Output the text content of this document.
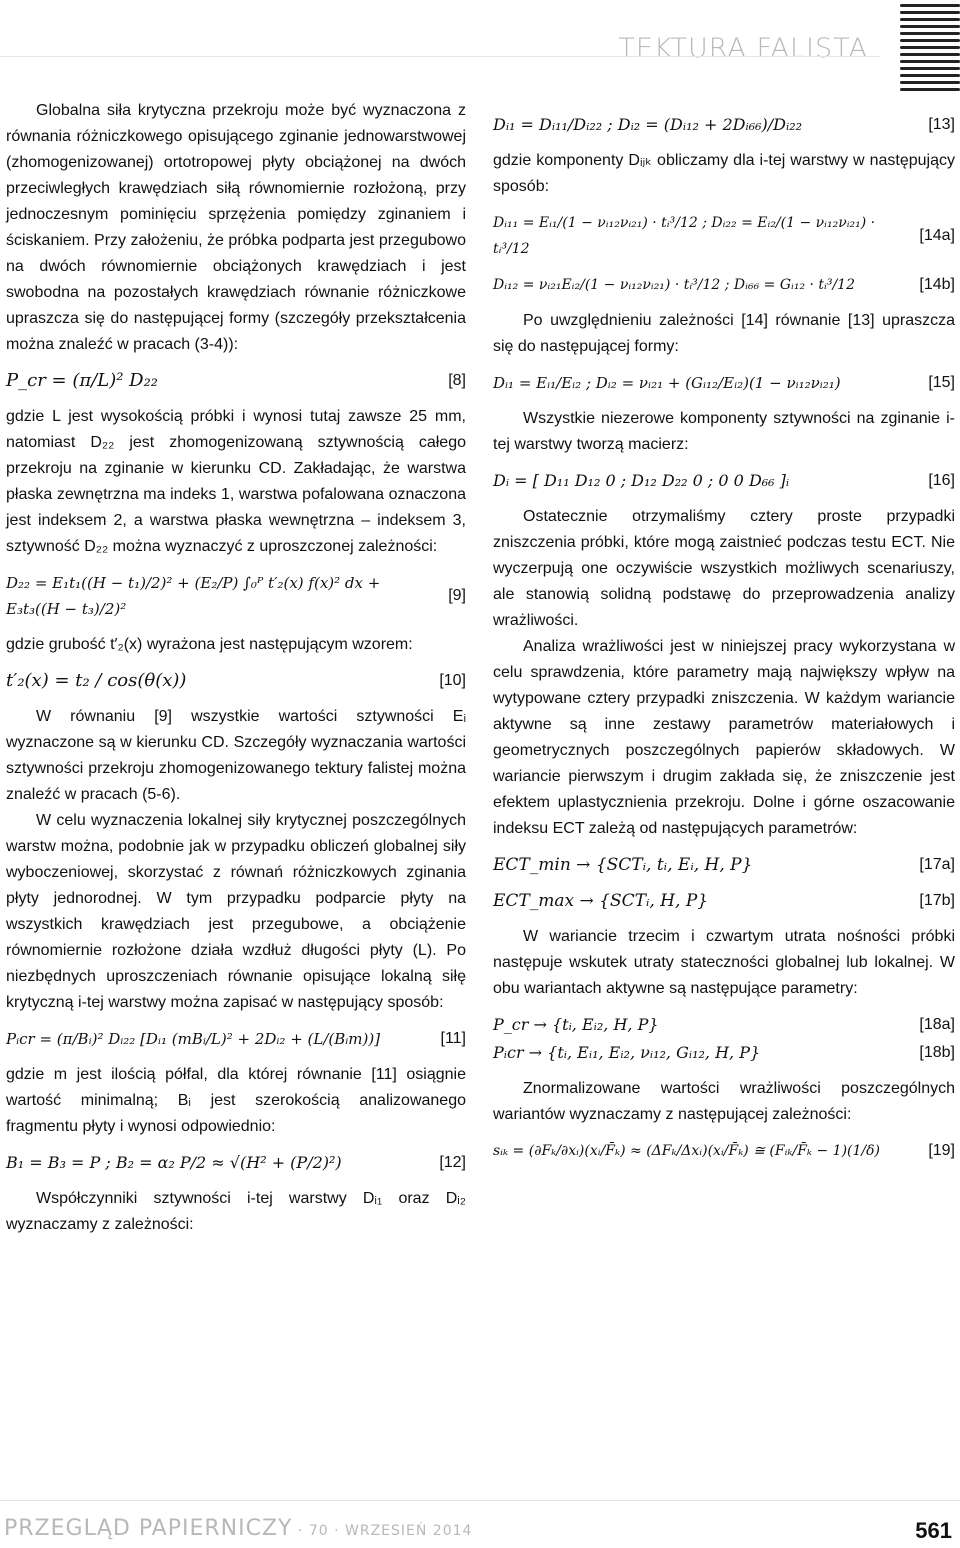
TEKTURA FALISTA

Globalna siła krytyczna przekroju może być wyznaczona z równania różniczkowego opisującego zginanie jednowarstwowej (zhomogenizowanej) ortotropowej płyty obciążonej na dwóch przeciwległych krawędziach siłą równomiernie rozłożoną, przy jednoczesnym pominięciu sprzężenia pomiędzy zginaniem i ściskaniem. Przy założeniu, że próbka podparta jest przegubowo na dwóch równomiernie obciążonych krawędziach i jest swobodna na pozostałych krawędziach równanie różniczkowe upraszcza się do następującej formy (szczegóły przekształcenia można znaleźć w pracach (3-4)):

P_cr = (π/L)² D₂₂	[8]

gdzie L jest wysokością próbki i wynosi tutaj zawsze 25 mm, natomiast D₂₂ jest zhomogenizowaną sztywnością całego przekroju na zginanie w kierunku CD. Zakładając, że warstwa płaska zewnętrzna ma indeks 1, warstwa pofalowana oznaczona jest indeksem 2, a warstwa płaska wewnętrzna – indeksem 3, sztywność D₂₂ można wyznaczyć z uproszczonej zależności:

D₂₂ = E₁t₁((H − t₁)/2)² + (E₂/P) ∫₀ᴾ t′₂(x) f(x)² dx + E₃t₃((H − t₃)/2)²
[9]

gdzie grubość t′₂(x) wyrażona jest następującym wzorem:

t′₂(x) = t₂ / cos(θ(x))	[10]

W równaniu [9] wszystkie wartości sztywności Eᵢ wyznaczone są w kierunku CD. Szczegóły wyznaczania wartości sztywności przekroju zhomogenizowanego tektury falistej można znaleźć w pracach (5-6).

W celu wyznaczenia lokalnej siły krytycznej poszczególnych warstw można, podobnie jak w przypadku obliczeń globalnej siły wyboczeniowej, skorzystać z równań różniczkowych zginania płyty jednorodnej. W tym przypadku podparcie płyty na wszystkich krawędziach jest przegubowe, a obciążenie równomiernie rozłożone działa wzdłuż długości płyty (L). Po niezbędnych uproszczeniach równanie opisujące lokalną siłę krytyczną i-tej warstwy można zapisać w następujący sposób:

Pᵢcr = (π/Bᵢ)² Dᵢ₂₂ [Dᵢ₁ (mBᵢ/L)² + 2Dᵢ₂ + (L/(Bᵢm))]	[11]

gdzie m jest ilością półfal, dla której równanie [11] osiągnie wartość minimalną; Bᵢ jest szerokością analizowanego fragmentu płyty i wynosi odpowiednio:

B₁ = B₃ = P ; B₂ = α₂ P/2 ≈ √(H² + (P/2)²)	[12]

Współczynniki sztywności i-tej warstwy Dᵢ₁ oraz Dᵢ₂ wyznaczamy z zależności:

Dᵢ₁ = Dᵢ₁₁/Dᵢ₂₂ ; Dᵢ₂ = (Dᵢ₁₂ + 2Dᵢ₆₆)/Dᵢ₂₂	[13]

gdzie komponenty Dᵢⱼₖ obliczamy dla i-tej warstwy w następujący sposób:

Dᵢ₁₁ = Eᵢ₁/(1 − νᵢ₁₂νᵢ₂₁) · tᵢ³/12 ; Dᵢ₂₂ = Eᵢ₂/(1 − νᵢ₁₂νᵢ₂₁) · tᵢ³/12
[14a]
Dᵢ₁₂ = νᵢ₂₁Eᵢ₂/(1 − νᵢ₁₂νᵢ₂₁) · tᵢ³/12 ; Dᵢ₆₆ = Gᵢ₁₂ · tᵢ³/12	[14b]

Po uwzględnieniu zależności [14] równanie [13] upraszcza się do następującej formy:

Dᵢ₁ = Eᵢ₁/Eᵢ₂ ; Dᵢ₂ = νᵢ₂₁ + (Gᵢ₁₂/Eᵢ₂)(1 − νᵢ₁₂νᵢ₂₁)	[15]

Wszystkie niezerowe komponenty sztywności na zginanie i-tej warstwy tworzą macierz:

Dᵢ = [ D₁₁ D₁₂ 0 ; D₁₂ D₂₂ 0 ; 0 0 D₆₆ ]ᵢ	[16]

Ostatecznie otrzymaliśmy cztery proste przypadki zniszczenia próbki, które mogą zaistnieć podczas testu ECT. Nie wyczerpują one oczywiście wszystkich możliwych scenariuszy, ale stanowią solidną podstawę do przeprowadzenia analizy wrażliwości.

Analiza wrażliwości jest w niniejszej pracy wykorzystana w celu sprawdzenia, które parametry mają największy wpływ na wytypowane cztery przypadki zniszczenia. W każdym wariancie aktywne są inne zestawy parametrów materiałowych i geometrycznych poszczególnych papierów składowych. W wariancie pierwszym i drugim zakłada się, że zniszczenie jest efektem uplastycznienia przekroju. Dolne i górne oszacowanie indeksu ECT zależą od następujących parametrów:

ECT_min → {SCTᵢ, tᵢ, Eᵢ, H, P}	[17a]
ECT_max → {SCTᵢ, H, P}	[17b]

W wariancie trzecim i czwartym utrata nośności próbki następuje wskutek utraty stateczności globalnej lub lokalnej. W obu wariantach aktywne są następujące parametry:

P_cr → {tᵢ, Eᵢ₂, H, P}	[18a]
Pᵢcr → {tᵢ, Eᵢ₁, Eᵢ₂, νᵢ₁₂, Gᵢ₁₂, H, P}	[18b]

Znormalizowane wartości wrażliwości poszczególnych wariantów wyznaczamy z następującej zależności:

sᵢₖ = (∂Fₖ/∂xᵢ)(xᵢ/F̄ₖ) ≈ (ΔFₖ/Δxᵢ)(xᵢ/F̄ₖ) ≅ (Fᵢₖ/F̄ₖ − 1)(1/δ)	[19]
PRZEGLĄD PAPIERNICZY · 70 · WRZESIEŃ 2014	561
